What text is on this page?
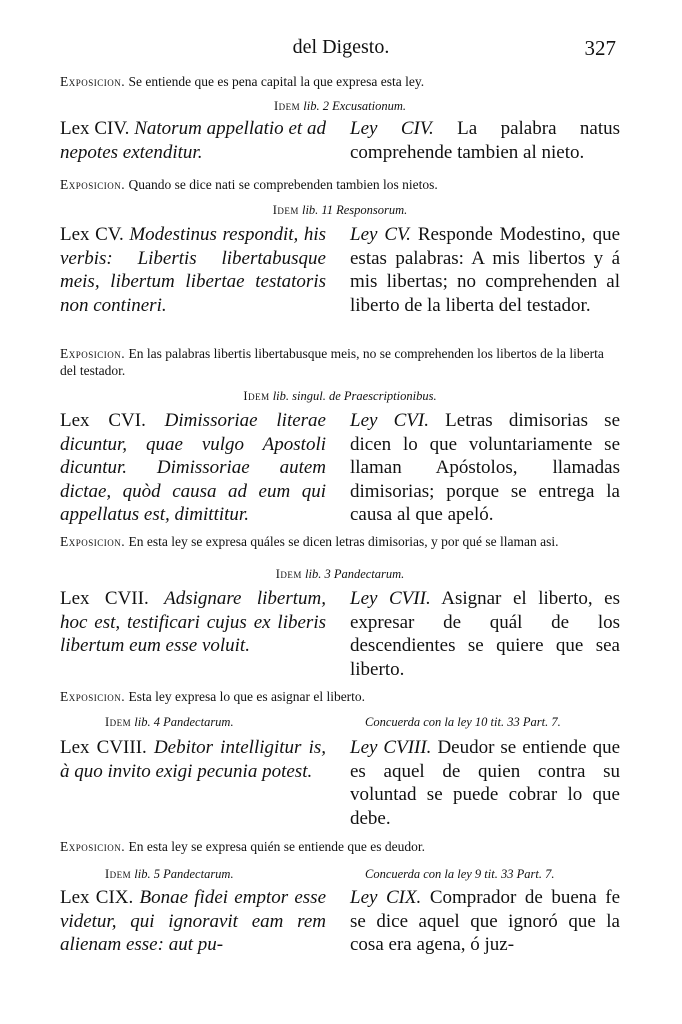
del Digesto.	327
Exposicion. Se entiende que es pena capital la que expresa esta ley.
Idem lib. 2 Excusationum.
Lex CIV. Natorum appellatio et ad nepotes extenditur.
Ley CIV. La palabra natus comprehende tambien al nieto.
Exposicion. Quando se dice nati se comprebenden tambien los nietos.
Idem lib. 11 Responsorum.
Lex CV. Modestinus respondit, his verbis: Libertis libertabusque meis, libertum libertae testatoris non contineri.
Ley CV. Responde Modestino, que estas palabras: A mis libertos y á mis libertas; no comprehenden al liberto de la liberta del testador.
Exposicion. En las palabras libertis libertabusque meis, no se comprehenden los libertos de la liberta del testador.
Idem lib. singul. de Praescriptionibus.
Lex CVI. Dimissoriae literae dicuntur, quae vulgo Apostoli dicuntur. Dimissoriae autem dictae, quòd causa ad eum qui appellatus est, dimittitur.
Ley CVI. Letras dimisorias se dicen lo que voluntariamente se llaman Apóstolos, llamadas dimisorias; porque se entrega la causa al que apeló.
Exposicion. En esta ley se expresa quáles se dicen letras dimisorias, y por qué se llaman asi.
Idem lib. 3 Pandectarum.
Lex CVII. Adsignare libertum, hoc est, testificari cujus ex liberis libertum eum esse voluit.
Ley CVII. Asignar el liberto, es expresar de quál de los descendientes se quiere que sea liberto.
Exposicion. Esta ley expresa lo que es asignar el liberto.
Idem lib. 4 Pandectarum.	Concuerda con la ley 10 tit. 33 Part. 7.
Lex CVIII. Debitor intelligitur is, à quo invito exigi pecunia potest.
Ley CVIII. Deudor se entiende que es aquel de quien contra su voluntad se puede cobrar lo que debe.
Exposicion. En esta ley se expresa quién se entiende que es deudor.
Idem lib. 5 Pandectarum.	Concuerda con la ley 9 tit. 33 Part. 7.
Lex CIX. Bonae fidei emptor esse videtur, qui ignoravit eam rem alienam esse: aut pu-
Ley CIX. Comprador de buena fe se dice aquel que ignoró que la cosa era agena, ó juz-
